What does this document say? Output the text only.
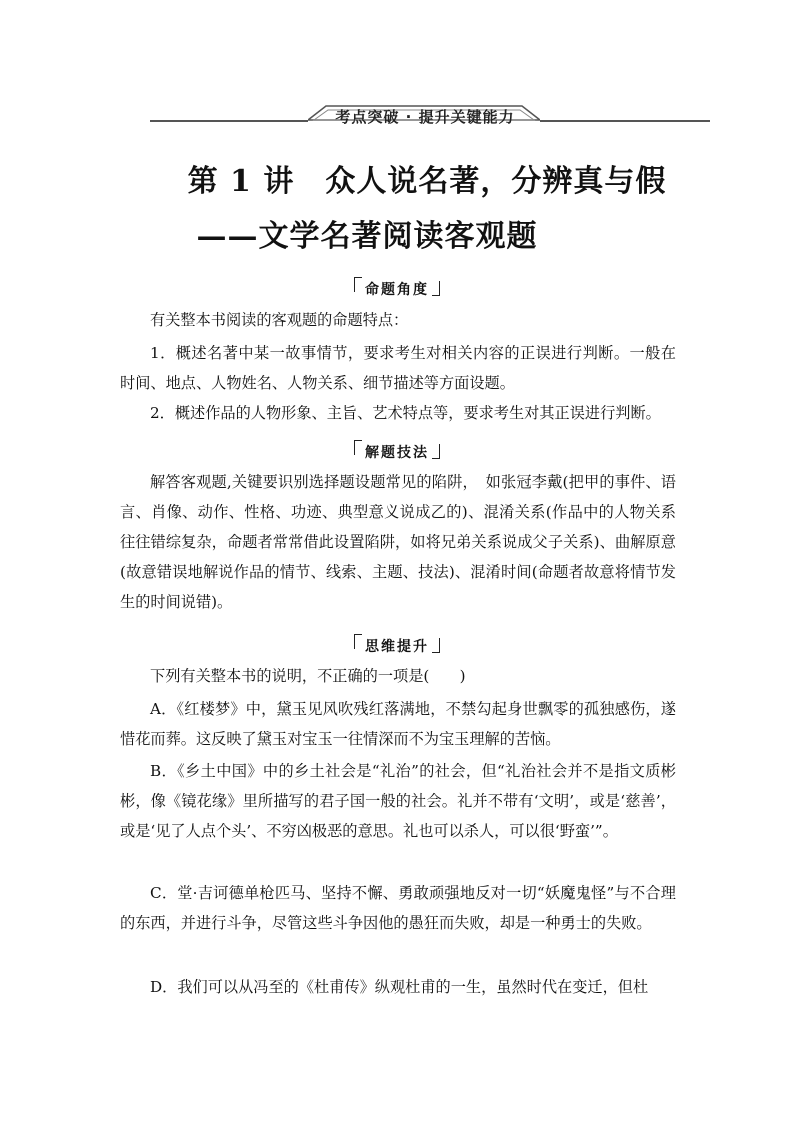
考点突破 · 提升关键能力
第 1 讲　众人说名著，分辨真与假
——文学名著阅读客观题
命题角度

有关整本书阅读的客观题的命题特点：

1．概述名著中某一故事情节，要求考生对相关内容的正误进行判断。一般在时间、地点、人物姓名、人物关系、细节描述等方面设题。

2．概述作品的人物形象、主旨、艺术特点等，要求考生对其正误进行判断。

解题技法

解答客观题,关键要识别选择题设题常见的陷阱，　如张冠李戴(把甲的事件、语言、肖像、动作、性格、功迹、典型意义说成乙的)、混淆关系(作品中的人物关系往往错综复杂，命题者常常借此设置陷阱，如将兄弟关系说成父子关系)、曲解原意(故意错误地解说作品的情节、线索、主题、技法)、混淆时间(命题者故意将情节发生的时间说错)。

思维提升

下列有关整本书的说明，不正确的一项是(　　)

A．《红楼梦》中，黛玉见风吹残红落满地，不禁勾起身世飘零的孤独感伤，遂惜花而葬。这反映了黛玉对宝玉一往情深而不为宝玉理解的苦恼。

B．《乡土中国》中的乡土社会是“礼治”的社会，但“礼治社会并不是指文质彬彬，像《镜花缘》里所描写的君子国一般的社会。礼并不带有‘文明’，或是‘慈善’，或是‘见了人点个头’、不穷凶极恶的意思。礼也可以杀人，可以很‘野蛮’”。

C．堂·吉诃德单枪匹马、坚持不懈、勇敢顽强地反对一切“妖魔鬼怪”与不合理的东西，并进行斗争，尽管这些斗争因他的愚狂而失败，却是一种勇士的失败。

D．我们可以从冯至的《杜甫传》纵观杜甫的一生，虽然时代在变迁，但杜
